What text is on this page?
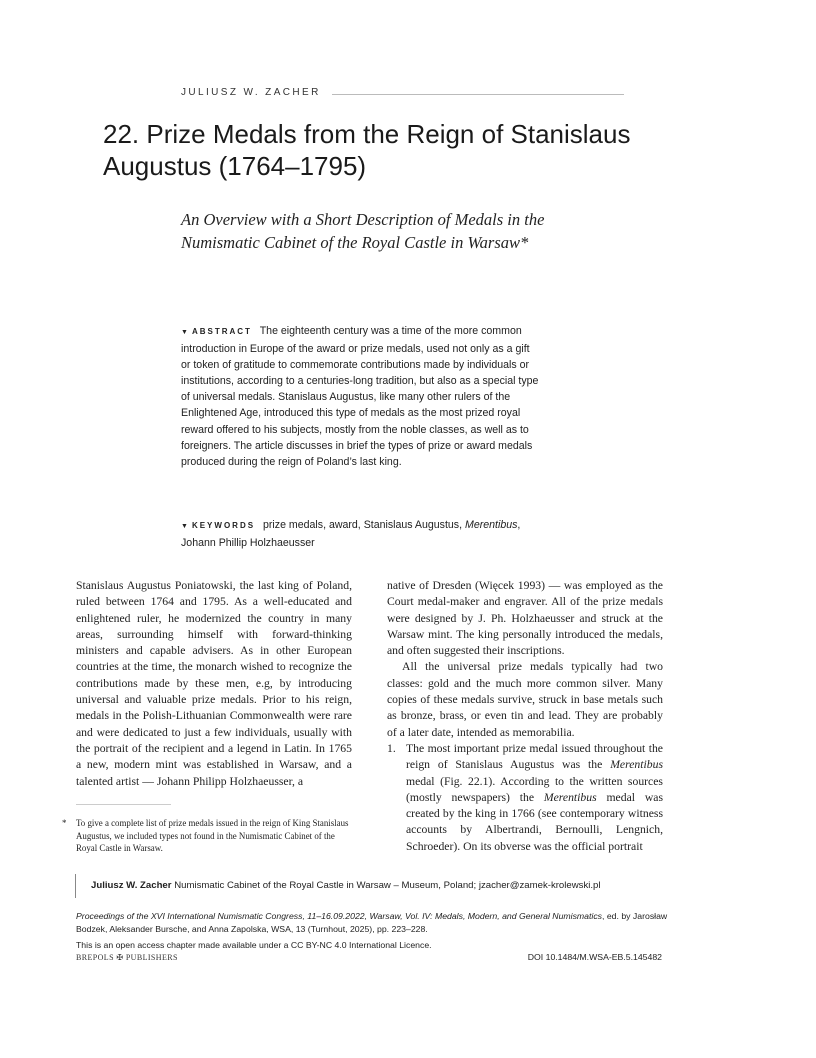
JULIUSZ W. ZACHER
22. Prize Medals from the Reign of Stanislaus Augustus (1764–1795)

An Overview with a Short Description of Medals in the Numismatic Cabinet of the Royal Castle in Warsaw*

▼ ABSTRACT The eighteenth century was a time of the more common introduction in Europe of the award or prize medals, used not only as a gift or token of gratitude to commemorate contributions made by individuals or institutions, according to a centuries-long tradition, but also as a special type of universal medals. Stanislaus Augustus, like many other rulers of the Enlightened Age, introduced this type of medals as the most prized royal reward offered to his subjects, mostly from the noble classes, as well as to foreigners. The article discusses in brief the types of prize or award medals produced during the reign of Poland’s last king.

▼ KEYWORDS prize medals, award, Stanislaus Augustus, Merentibus, Johann Phillip Holzhaeusser

Stanislaus Augustus Poniatowski, the last king of Poland, ruled between 1764 and 1795. As a well-educated and enlightened ruler, he modernized the country in many areas, surrounding himself with forward-thinking ministers and capable advisers. As in other European countries at the time, the monarch wished to recognize the contributions made by these men, e.g, by introducing universal and valuable prize medals. Prior to his reign, medals in the Polish-Lithuanian Commonwealth were rare and were dedicated to just a few individuals, usually with the portrait of the recipient and a legend in Latin. In 1765 a new, modern mint was established in Warsaw, and a talented artist — Johann Philipp Holzhaeusser, a

native of Dresden (Więcek 1993) — was employed as the Court medal-maker and engraver. All of the prize medals were designed by J. Ph. Holzhaeusser and struck at the Warsaw mint. The king personally introduced the medals, and often suggested their inscriptions.

All the universal prize medals typically had two classes: gold and the much more common silver. Many copies of these medals survive, struck in base metals such as bronze, brass, or even tin and lead. They are probably of a later date, intended as memorabilia.

1. The most important prize medal issued throughout the reign of Stanislaus Augustus was the Merentibus medal (Fig. 22.1). According to the written sources (mostly newspapers) the Merentibus medal was created by the king in 1766 (see contemporary witness accounts by Albertrandi, Bernoulli, Lengnich, Schroeder). On its obverse was the official portrait

* To give a complete list of prize medals issued in the reign of King Stanislaus Augustus, we included types not found in the Numismatic Cabinet of the Royal Castle in Warsaw.

Juliusz W. Zacher Numismatic Cabinet of the Royal Castle in Warsaw – Museum, Poland; jzacher@zamek-krolewski.pl

Proceedings of the XVI International Numismatic Congress, 11–16.09.2022, Warsaw, Vol. IV: Medals, Modern, and General Numismatics, ed. by Jarosław Bodzek, Aleksander Bursche, and Anna Zapolska, WSA, 13 (Turnhout, 2025), pp. 223–228.

This is an open access chapter made available under a CC BY-NC 4.0 International Licence.

BREPOLS ✠ PUBLISHERS	DOI 10.1484/M.WSA-EB.5.145482
